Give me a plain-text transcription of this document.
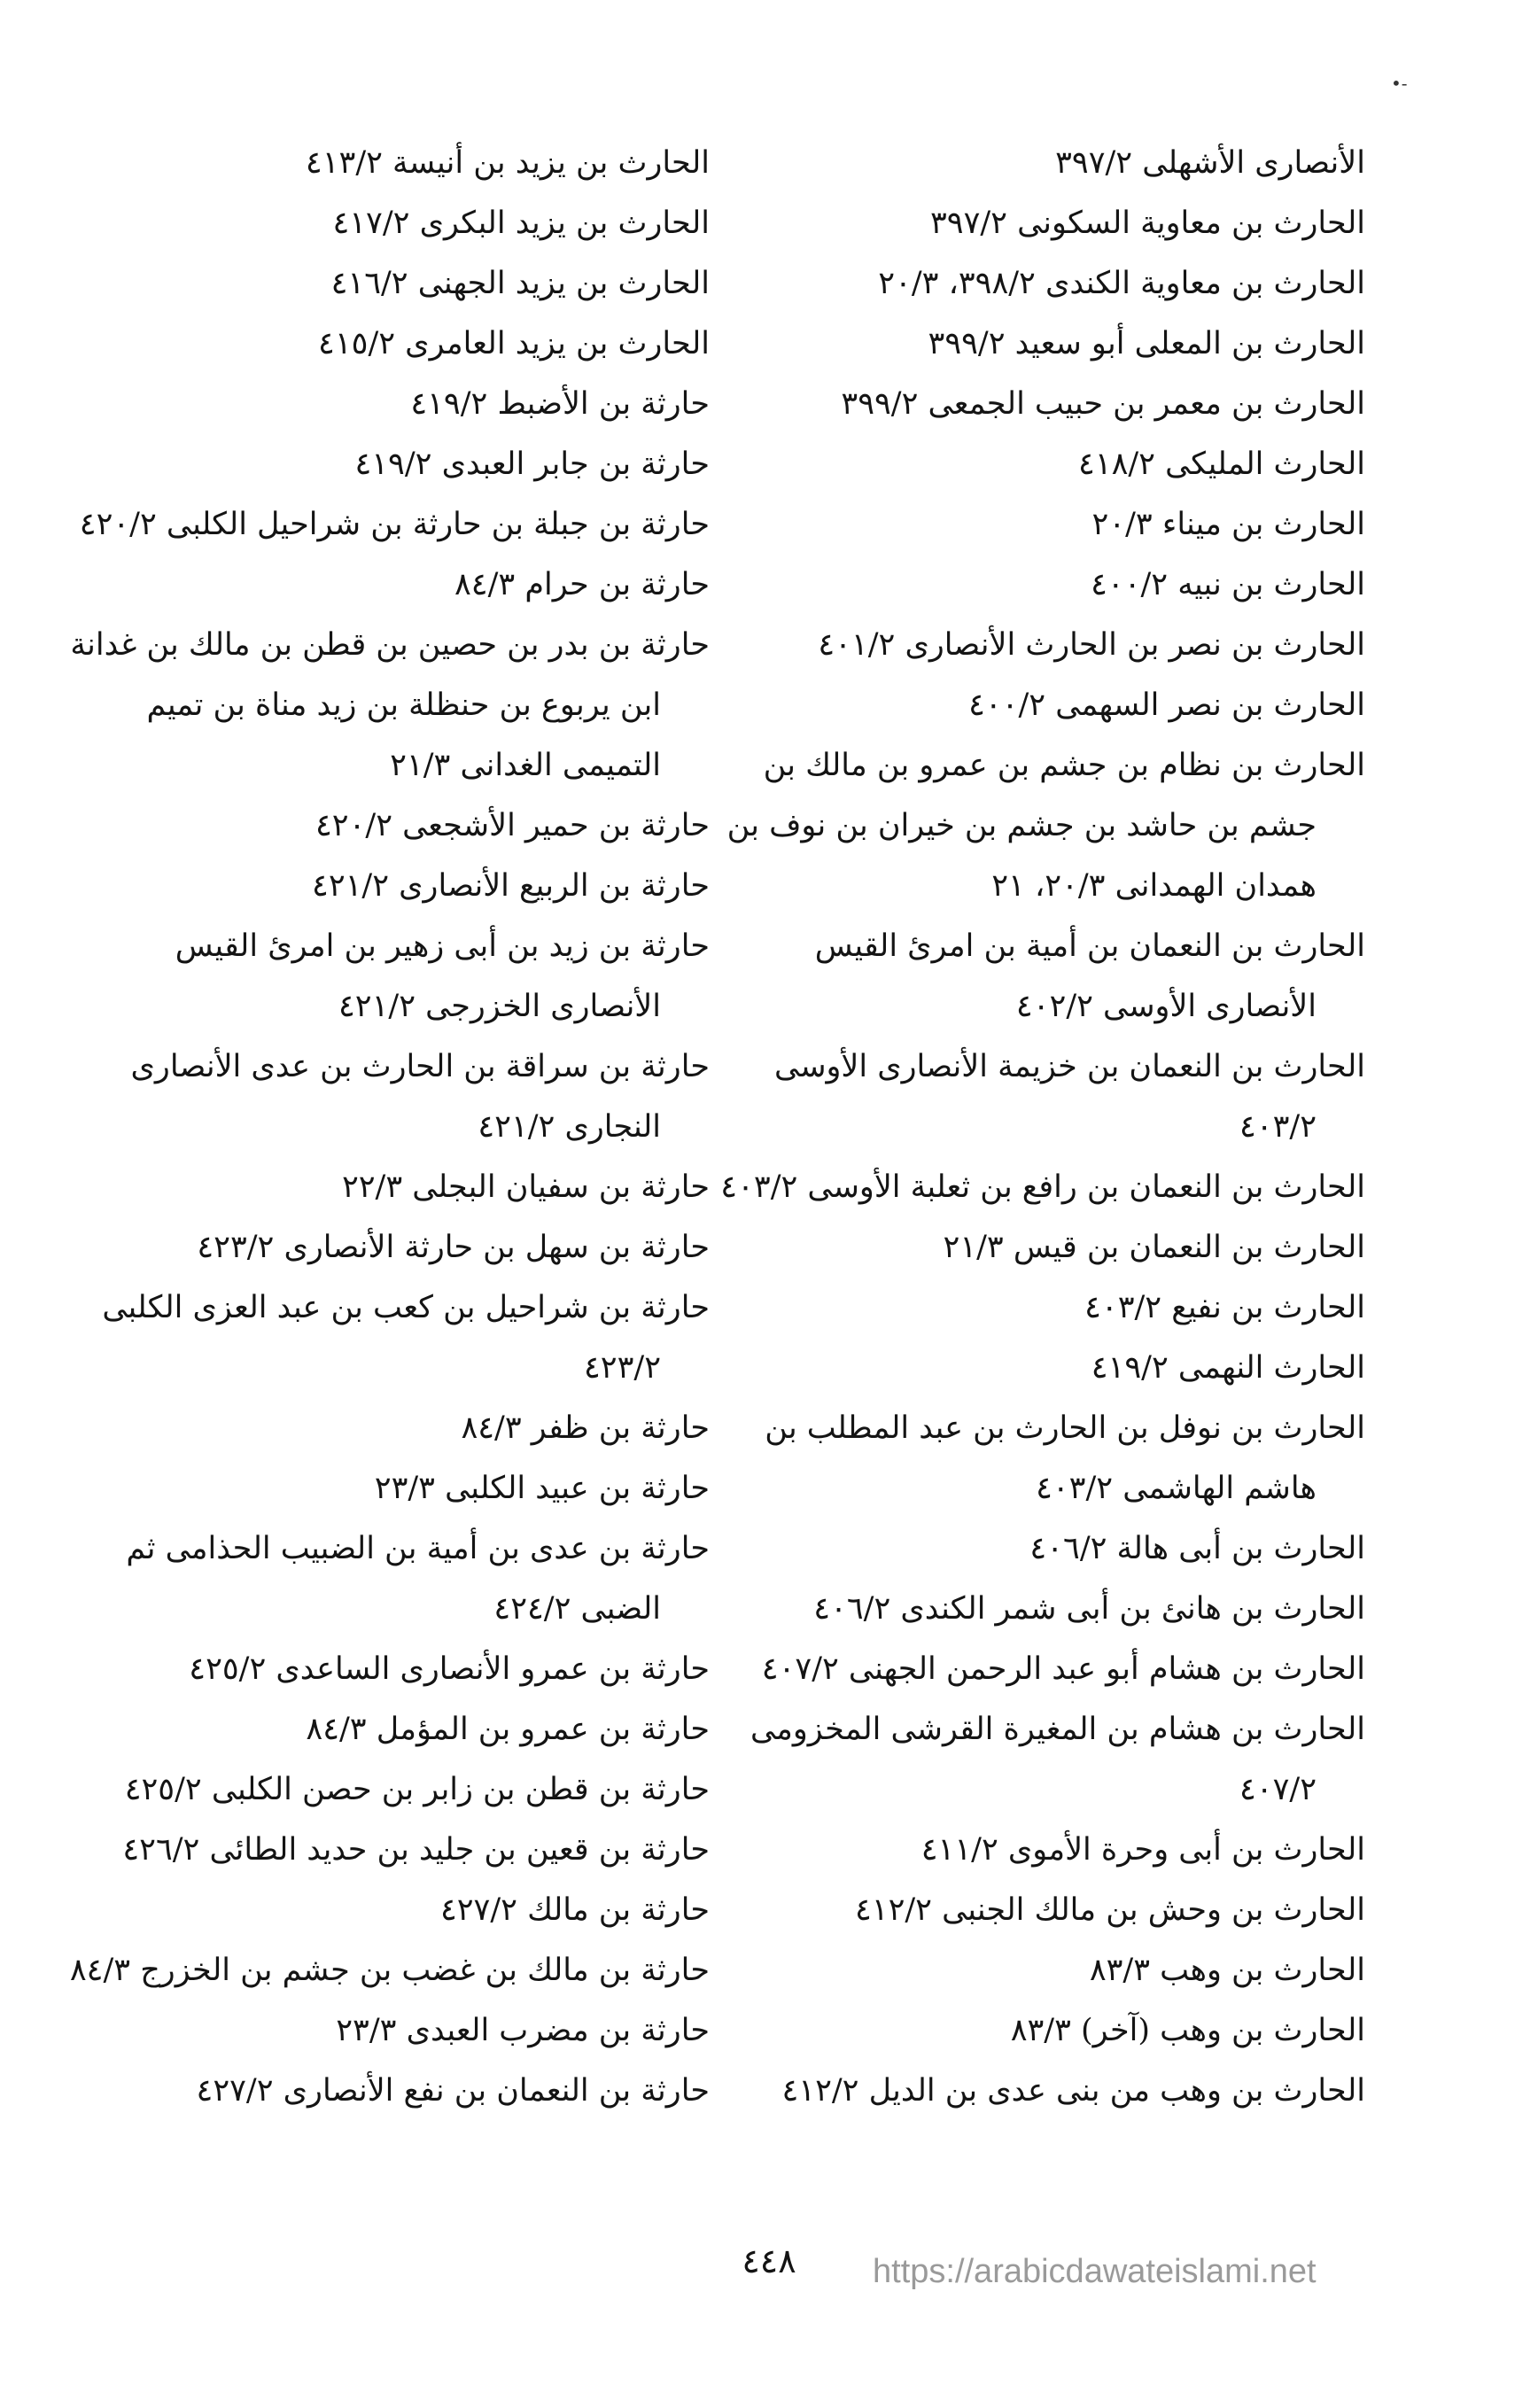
-•

الأنصارى الأشهلى ٣٩٧/٢

الحارث بن معاوية السكونى ٣٩٧/٢

الحارث بن معاوية الكندى ٣٩٨/٢، ٢٠/٣

الحارث بن المعلى أبو سعيد ٣٩٩/٢

الحارث بن معمر بن حبيب الجمعى ٣٩٩/٢

الحارث المليكى ٤١٨/٢

الحارث بن ميناء ٢٠/٣

الحارث بن نبيه ٤٠٠/٢

الحارث بن نصر بن الحارث الأنصارى ٤٠١/٢

الحارث بن نصر السهمى ٤٠٠/٢

الحارث بن نظام بن جشم بن عمرو بن مالك بن جشم بن حاشد بن جشم بن خيران بن نوف بن همدان الهمدانى ٢٠/٣، ٢١

الحارث بن النعمان بن أمية بن امرئ القيس الأنصارى الأوسى ٤٠٢/٢

الحارث بن النعمان بن خزيمة الأنصارى الأوسى ٤٠٣/٢

الحارث بن النعمان بن رافع بن ثعلبة الأوسى ٤٠٣/٢

الحارث بن النعمان بن قيس ٢١/٣

الحارث بن نفيع ٤٠٣/٢

الحارث النهمى ٤١٩/٢

الحارث بن نوفل بن الحارث بن عبد المطلب بن هاشم الهاشمى ٤٠٣/٢

الحارث بن أبى هالة ٤٠٦/٢

الحارث بن هانئ بن أبى شمر الكندى ٤٠٦/٢

الحارث بن هشام أبو عبد الرحمن الجهنى ٤٠٧/٢

الحارث بن هشام بن المغيرة القرشى المخزومى ٤٠٧/٢

الحارث بن أبى وحرة الأموى ٤١١/٢

الحارث بن وحش بن مالك الجنبى ٤١٢/٢

الحارث بن وهب ٨٣/٣

الحارث بن وهب (آخر) ٨٣/٣

الحارث بن وهب من بنى عدى بن الديل ٤١٢/٢

الحارث بن يزيد بن أنيسة ٤١٣/٢

الحارث بن يزيد البكرى ٤١٧/٢

الحارث بن يزيد الجهنى ٤١٦/٢

الحارث بن يزيد العامرى ٤١٥/٢

حارثة بن الأضبط ٤١٩/٢

حارثة بن جابر العبدى ٤١٩/٢

حارثة بن جبلة بن حارثة بن شراحيل الكلبى ٤٢٠/٢

حارثة بن حرام ٨٤/٣

حارثة بن بدر بن حصين بن قطن بن مالك بن غدانة ابن يربوع بن حنظلة بن زيد مناة بن تميم التميمى الغدانى ٢١/٣

حارثة بن حمير الأشجعى ٤٢٠/٢

حارثة بن الربيع الأنصارى ٤٢١/٢

حارثة بن زيد بن أبى زهير بن امرئ القيس الأنصارى الخزرجى ٤٢١/٢

حارثة بن سراقة بن الحارث بن عدى الأنصارى النجارى ٤٢١/٢

حارثة بن سفيان البجلى ٢٢/٣

حارثة بن سهل بن حارثة الأنصارى ٤٢٣/٢

حارثة بن شراحيل بن كعب بن عبد العزى الكلبى ٤٢٣/٢

حارثة بن ظفر ٨٤/٣

حارثة بن عبيد الكلبى ٢٣/٣

حارثة بن عدى بن أمية بن الضبيب الحذامى ثم الضبى ٤٢٤/٢

حارثة بن عمرو الأنصارى الساعدى ٤٢٥/٢

حارثة بن عمرو بن المؤمل ٨٤/٣

حارثة بن قطن بن زابر بن حصن الكلبى ٤٢٥/٢

حارثة بن قعين بن جليد بن حديد الطائى ٤٢٦/٢

حارثة بن مالك ٤٢٧/٢

حارثة بن مالك بن غضب بن جشم بن الخزرج ٨٤/٣

حارثة بن مضرب العبدى ٢٣/٣

حارثة بن النعمان بن نفع الأنصارى ٤٢٧/٢

٤٤٨	https://arabicdawateislami.net
